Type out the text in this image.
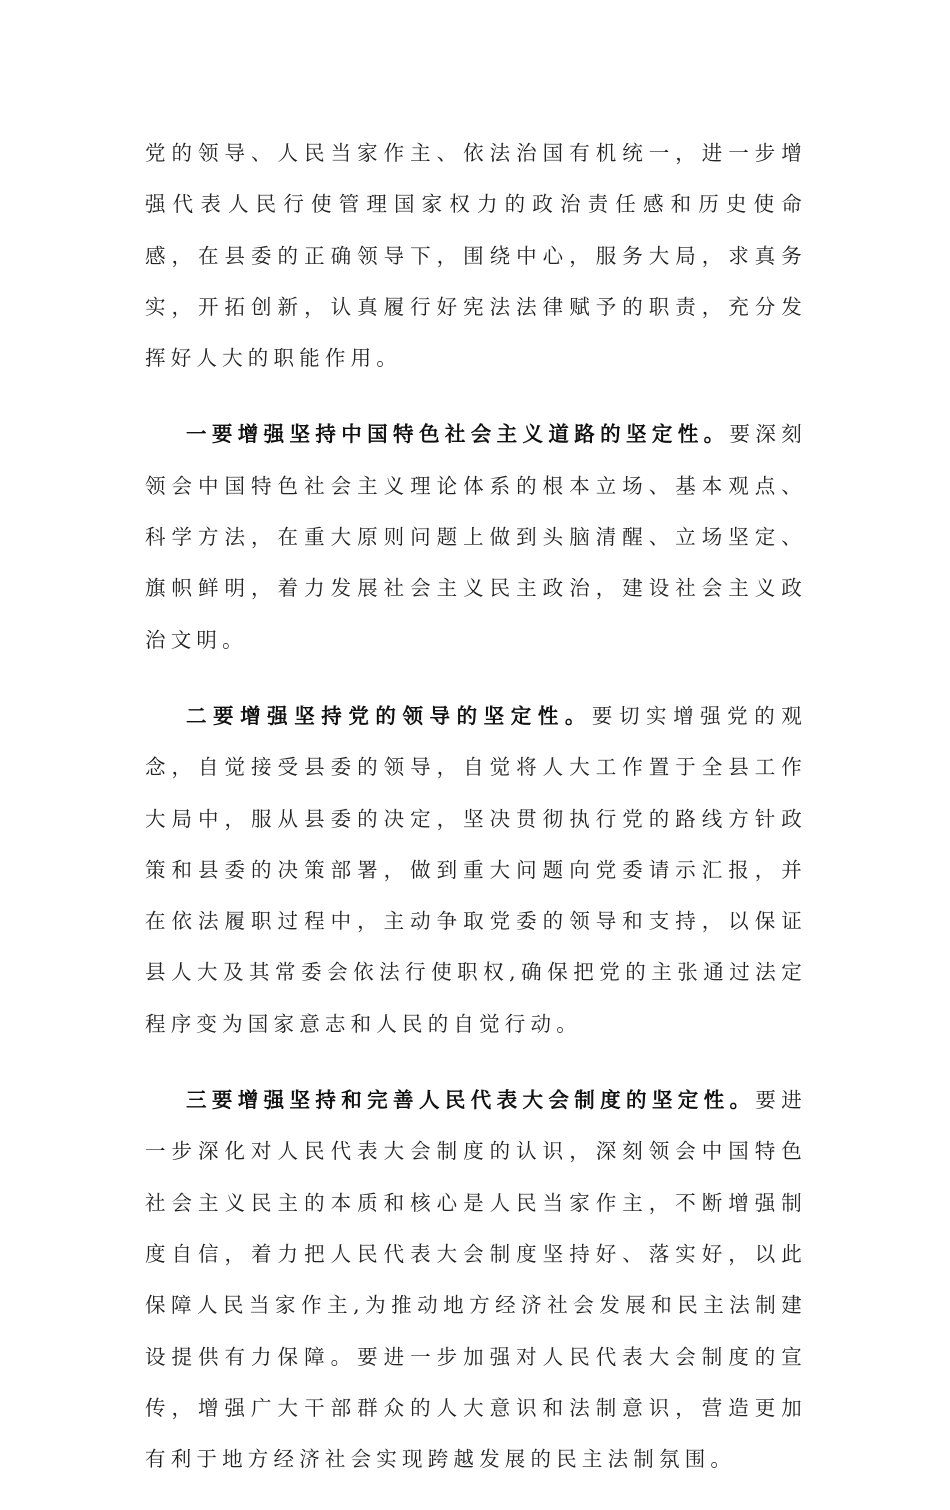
党的领导、人民当家作主、依法治国有机统一，进一步增强代表人民行使管理国家权力的政治责任感和历史使命感，在县委的正确领导下，围绕中心，服务大局，求真务实，开拓创新，认真履行好宪法法律赋予的职责，充分发挥好人大的职能作用。

一要增强坚持中国特色社会主义道路的坚定性。要深刻领会中国特色社会主义理论体系的根本立场、基本观点、科学方法，在重大原则问题上做到头脑清醒、立场坚定、旗帜鲜明，着力发展社会主义民主政治，建设社会主义政治文明。

二要增强坚持党的领导的坚定性。要切实增强党的观念，自觉接受县委的领导，自觉将人大工作置于全县工作大局中，服从县委的决定，坚决贯彻执行党的路线方针政策和县委的决策部署，做到重大问题向党委请示汇报，并在依法履职过程中，主动争取党委的领导和支持，以保证县人大及其常委会依法行使职权,确保把党的主张通过法定程序变为国家意志和人民的自觉行动。

三要增强坚持和完善人民代表大会制度的坚定性。要进一步深化对人民代表大会制度的认识，深刻领会中国特色社会主义民主的本质和核心是人民当家作主，不断增强制度自信，着力把人民代表大会制度坚持好、落实好，以此保障人民当家作主,为推动地方经济社会发展和民主法制建设提供有力保障。要进一步加强对人民代表大会制度的宣传，增强广大干部群众的人大意识和法制意识，营造更加有利于地方经济社会实现跨越发展的民主法制氛围。
